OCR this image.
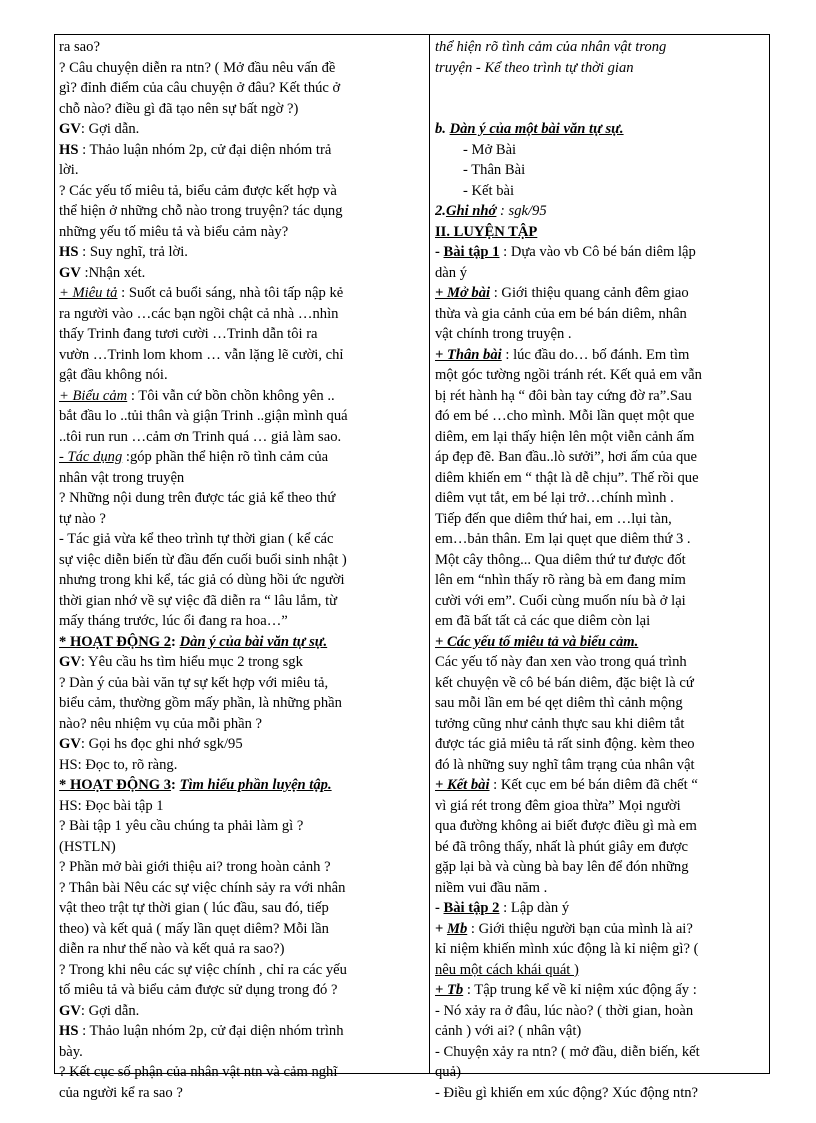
ra sao?
? Câu chuyện diễn ra ntn? ( Mở đầu nêu vấn đề
gì? đỉnh điểm của câu chuyện ở đâu? Kết thúc ở
chỗ nào? điều gì đã tạo nên sự bất ngờ ?)
GV: Gợi dẫn.
HS : Thảo luận nhóm 2p, cử đại diện nhóm trả
lời.
? Các yếu tố miêu tả, biểu cảm được kết hợp và
thể hiện ở những chỗ nào trong truyện? tác dụng
những yếu tố miêu tả và biểu cảm này?
HS : Suy nghĩ, trả lời.
GV :Nhận xét.
+ Miêu tả : Suốt cả buổi sáng, nhà tôi tấp nập kẻ
ra người vào …các bạn ngồi chật cả nhà …nhìn
thấy Trinh đang tươi cười …Trinh dẫn tôi ra
vườn …Trinh lom khom … vẫn lặng lẽ cười, chỉ
gật đầu không nói.
+ Biểu cảm : Tôi vẫn cứ bồn chồn không yên ..
bắt đầu lo ..tủi thân và giận Trinh ..giận mình quá
..tôi run run …cảm ơn Trinh quá … giả làm sao.
- Tác dụng :góp phần thể hiện rõ tình cảm của
nhân vật trong truyện
? Những nội dung trên được tác giả kể theo thứ
tự nào ?
- Tác giả vừa kể theo trình tự thời gian ( kể các
sự việc diễn biến từ đầu đến cuối buổi sinh nhật )
nhưng trong khi kể, tác giả có dùng hồi ức người
thời gian nhớ về sự việc đã diễn ra “ lâu lắm, từ
mấy tháng trước, lúc ổi đang ra hoa…”
* HOẠT ĐỘNG 2: Dàn ý của bài văn tự sự.
GV: Yêu cầu hs tìm hiểu mục 2 trong sgk
? Dàn ý của bài văn tự sự kết hợp với miêu tả,
biểu cảm, thường gồm mấy phần, là những phần
nào? nêu nhiệm vụ của mỗi phần ?
GV: Gọi hs đọc ghi nhớ sgk/95
HS: Đọc to, rõ ràng.
* HOẠT ĐỘNG 3: Tìm hiểu phần luyện tập.
HS: Đọc bài tập 1
? Bài tập 1 yêu cầu chúng ta phải làm gì ?
(HSTLN)
? Phần mở bài giới thiệu ai? trong hoàn cảnh ?
? Thân bài Nêu các sự việc chính sảy ra với nhân
vật theo trật tự thời gian ( lúc đầu, sau đó, tiếp
theo) và kết quả ( mấy lần quẹt diêm? Mỗi lần
diễn ra như thế nào và kết quả ra sao?)
? Trong khi nêu các sự việc chính , chỉ ra các yếu
tố miêu tả và biểu cảm được sử dụng trong đó ?
GV: Gợi dẫn.
HS : Thảo luận nhóm 2p, cử đại diện nhóm trình
bày.
? Kết cục số phận của nhân vật ntn và cảm nghĩ
của người kể ra sao ?
thể hiện rõ tình cảm của nhân vật trong
truyện - Kể theo trình tự thời gian
b. Dàn ý của một bài văn tự sự.
- Mở Bài
- Thân Bài
- Kết bài
2.Ghi nhớ : sgk/95
II. LUYỆN TẬP
- Bài tập 1 : Dựa vào vb Cô bé bán diêm lập
dàn ý
+ Mở bài : Giới thiệu quang cảnh đêm giao
thừa và gia cảnh của em bé bán diêm, nhân
vật chính trong truyện .
+ Thân bài : lúc đầu do… bố đánh. Em tìm
một góc tường ngồi tránh rét. Kết quả em vẫn
bị rét hành hạ “ đôi bàn tay cứng đờ ra”.Sau
đó em bé …cho mình. Mỗi lần quẹt một que
diêm, em lại thấy hiện lên một viễn cảnh ấm
áp đẹp đẽ. Ban đầu..lò sưởi”, hơi ấm của que
diêm khiến em “ thật là dễ chịu”. Thế rồi que
diêm vụt tắt, em bé lại trở…chính mình .
Tiếp đến que diêm thứ hai, em …lụi tàn,
em…bản thân. Em lại quẹt que diêm thứ 3 .
Một cây thông... Qua diêm thứ tư được đốt
lên em “nhìn thấy rõ ràng bà em đang mỉm
cười với em”. Cuối cùng muốn níu bà ở lại
em đã bất tất cả các que diêm còn lại
+ Các yếu tố miêu tả và biểu cảm.
Các yếu tố này đan xen vào trong quá trình
kết chuyện về cô bé bán diêm, đặc biệt là cứ
sau mỗi lần em bé qẹt diêm thì cảnh mộng
tưởng cũng như cảnh thực sau khi diêm tắt
được tác giả miêu tả rất sinh động. kèm theo
đó là những suy nghĩ tâm trạng của nhân vật
+ Kết bài : Kết cục em bé bán diêm đã chết “
vì giá rét trong đêm gioa thừa” Mọi người
qua đường không ai biết được điều gì mà em
bé đã trông thấy, nhất là phút giây em được
gặp lại bà và cùng bà bay lên để đón những
niềm vui đầu năm .
- Bài tập 2 : Lập dàn ý
+ Mb : Giới thiệu người bạn của mình là ai?
kỉ niệm khiến mình xúc động là kỉ niệm gì? (
nêu một cách khái quát )
+ Tb : Tập trung kể về kỉ niệm xúc động ấy :
- Nó xảy ra ở đâu, lúc nào? ( thời gian, hoàn
cảnh ) với ai? ( nhân vật)
- Chuyện xảy ra ntn? ( mở đầu, diễn biến, kết
quả)
- Điều gì khiến em xúc động? Xúc động ntn?
